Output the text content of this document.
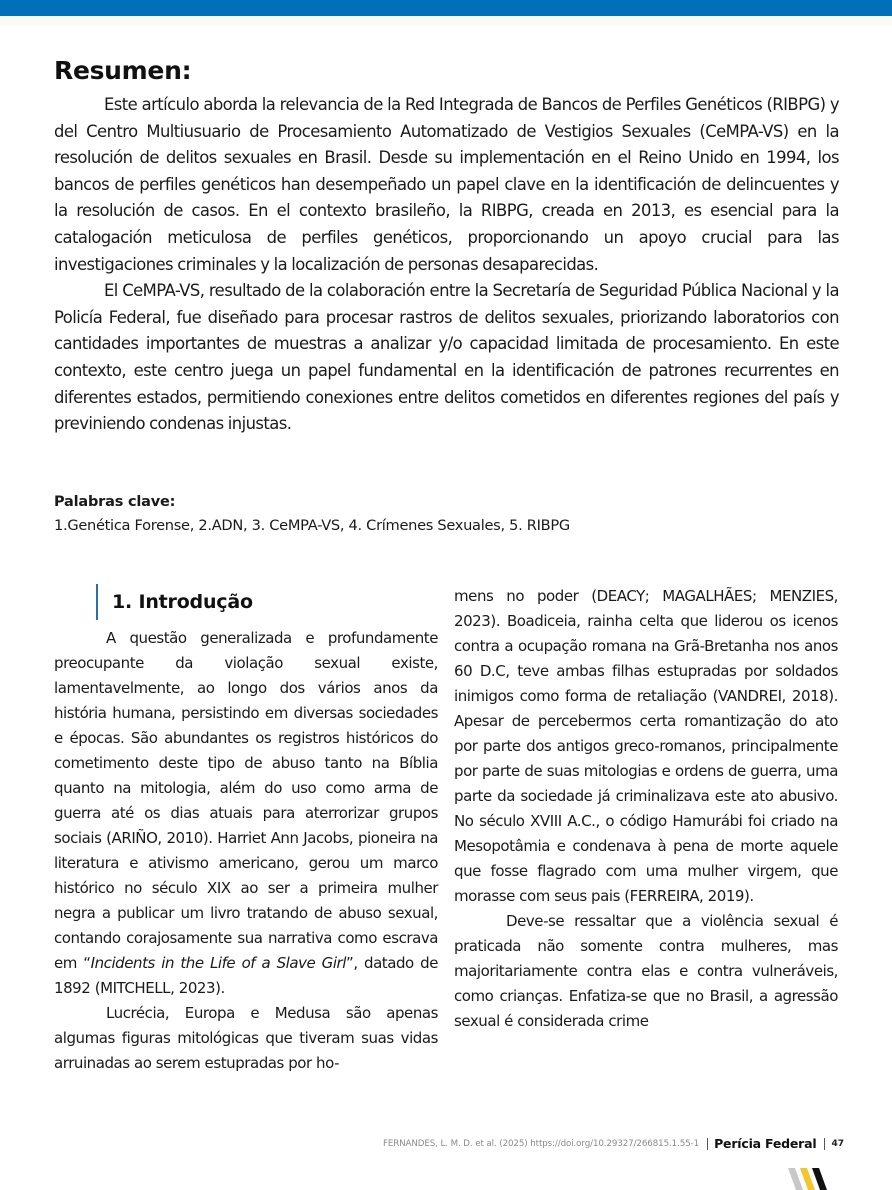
Resumen:

Este artículo aborda la relevancia de la Red Integrada de Bancos de Perfiles Genéticos (RIBPG) y del Centro Multiusuario de Procesamiento Automatizado de Vestigios Sexuales (CeMPA-VS) en la resolución de delitos sexuales en Brasil. Desde su implementación en el Reino Unido en 1994, los bancos de perfiles genéticos han desempeñado un papel clave en la identificación de delincuentes y la resolución de casos. En el contexto brasileño, la RIBPG, creada en 2013, es esencial para la catalogación meticulosa de perfiles genéticos, proporcionando un apoyo crucial para las investigaciones criminales y la localización de personas desaparecidas.

El CeMPA-VS, resultado de la colaboración entre la Secretaría de Seguridad Pública Nacional y la Policía Federal, fue diseñado para procesar rastros de delitos sexuales, priorizando laboratorios con cantidades importantes de muestras a analizar y/o capacidad limitada de procesamiento. En este contexto, este centro juega un papel fundamental en la identificación de patrones recurrentes en diferentes estados, permitiendo conexiones entre delitos cometidos en diferentes regiones del país y previniendo condenas injustas.

Palabras clave:
1.Genética Forense, 2.ADN, 3. CeMPA-VS, 4. Crímenes Sexuales, 5. RIBPG
1. Introdução

A questão generalizada e profundamente preocupante da violação sexual existe, lamentavelmente, ao longo dos vários anos da história humana, persistindo em diversas sociedades e épocas. São abundantes os registros históricos do cometimento deste tipo de abuso tanto na Bíblia quanto na mitologia, além do uso como arma de guerra até os dias atuais para aterrorizar grupos sociais (ARIÑO, 2010). Harriet Ann Jacobs, pioneira na literatura e ativismo americano, gerou um marco histórico no século XIX ao ser a primeira mulher negra a publicar um livro tratando de abuso sexual, contando corajosamente sua narrativa como escrava em “Incidents in the Life of a Slave Girl”, datado de 1892 (MITCHELL, 2023).

Lucrécia, Europa e Medusa são apenas algumas figuras mitológicas que tiveram suas vidas arruinadas ao serem estupradas por ho-

mens no poder (DEACY; MAGALHÃES; MENZIES, 2023). Boadiceia, rainha celta que liderou os icenos contra a ocupação romana na Grã-Bretanha nos anos 60 D.C, teve ambas filhas estupradas por soldados inimigos como forma de retaliação (VANDREI, 2018). Apesar de percebermos certa romantização do ato por parte dos antigos greco-romanos, principalmente por parte de suas mitologias e ordens de guerra, uma parte da sociedade já criminalizava este ato abusivo. No século XVIII A.C., o código Hamurábi foi criado na Mesopotâmia e condenava à pena de morte aquele que fosse flagrado com uma mulher virgem, que morasse com seus pais (FERREIRA, 2019).

Deve-se ressaltar que a violência sexual é praticada não somente contra mulheres, mas majoritariamente contra elas e contra vulneráveis, como crianças. Enfatiza-se que no Brasil, a agressão sexual é considerada crime

FERNANDES, L. M. D. et al. (2025) https://doi.org/10.29327/266815.1.55-1 Perícia Federal 47
